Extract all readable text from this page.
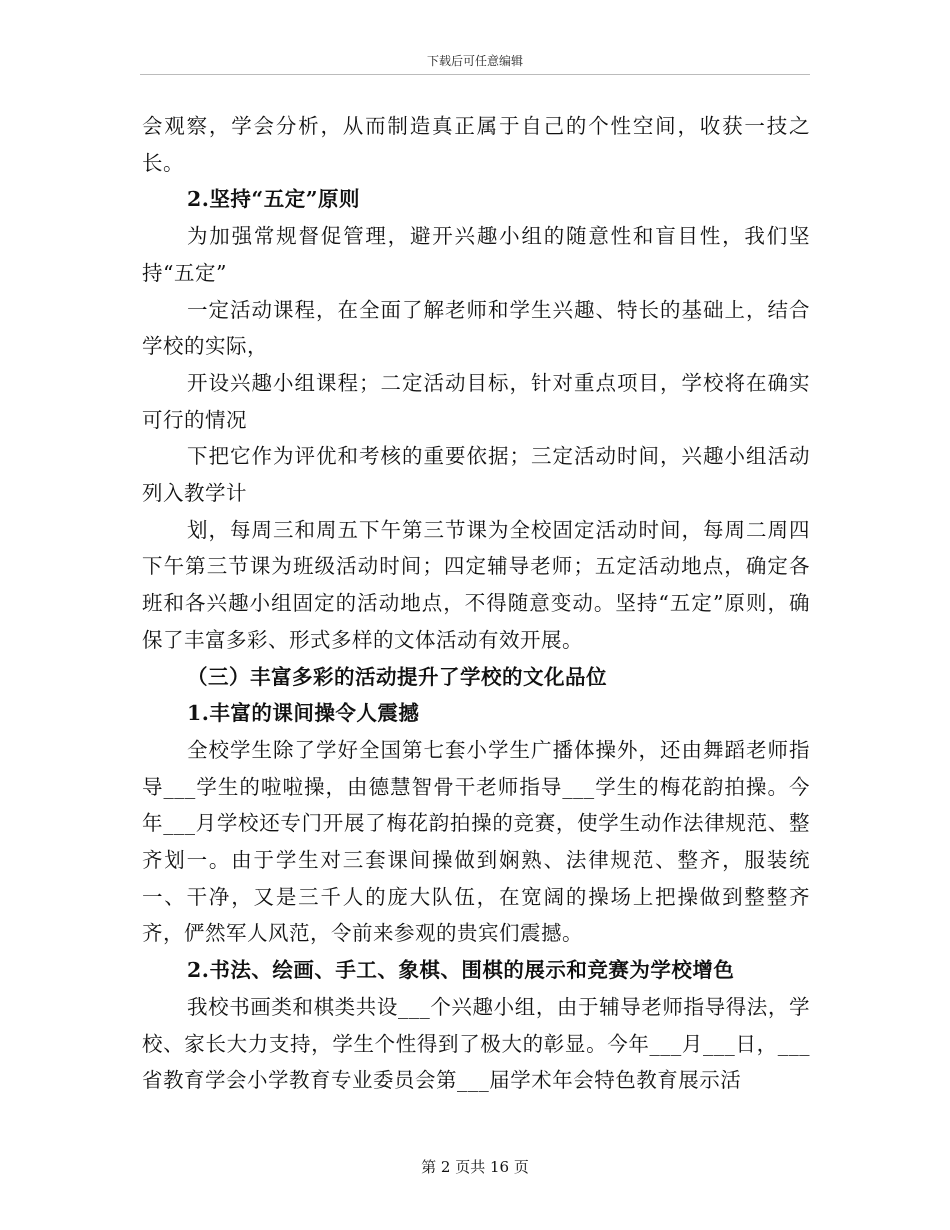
下载后可任意编辑

会观察，学会分析，从而制造真正属于自己的个性空间，收获一技之长。

2.坚持“五定”原则

为加强常规督促管理，避开兴趣小组的随意性和盲目性，我们坚持“五定”

一定活动课程，在全面了解老师和学生兴趣、特长的基础上，结合学校的实际，

开设兴趣小组课程；二定活动目标，针对重点项目，学校将在确实可行的情况

下把它作为评优和考核的重要依据；三定活动时间，兴趣小组活动列入教学计

划，每周三和周五下午第三节课为全校固定活动时间，每周二周四下午第三节课为班级活动时间；四定辅导老师；五定活动地点，确定各班和各兴趣小组固定的活动地点，不得随意变动。坚持“五定”原则，确保了丰富多彩、形式多样的文体活动有效开展。

（三）丰富多彩的活动提升了学校的文化品位

1.丰富的课间操令人震撼

全校学生除了学好全国第七套小学生广播体操外，还由舞蹈老师指导___学生的啦啦操，由德慧智骨干老师指导___学生的梅花韵拍操。今年___月学校还专门开展了梅花韵拍操的竞赛，使学生动作法律规范、整齐划一。由于学生对三套课间操做到娴熟、法律规范、整齐，服装统一、干净，又是三千人的庞大队伍，在宽阔的操场上把操做到整整齐齐，俨然军人风范，令前来参观的贵宾们震撼。

2.书法、绘画、手工、象棋、围棋的展示和竞赛为学校增色

我校书画类和棋类共设___个兴趣小组，由于辅导老师指导得法，学校、家长大力支持，学生个性得到了极大的彰显。今年___月___日，___省教育学会小学教育专业委员会第___届学术年会特色教育展示活

第 2 页共 16 页
